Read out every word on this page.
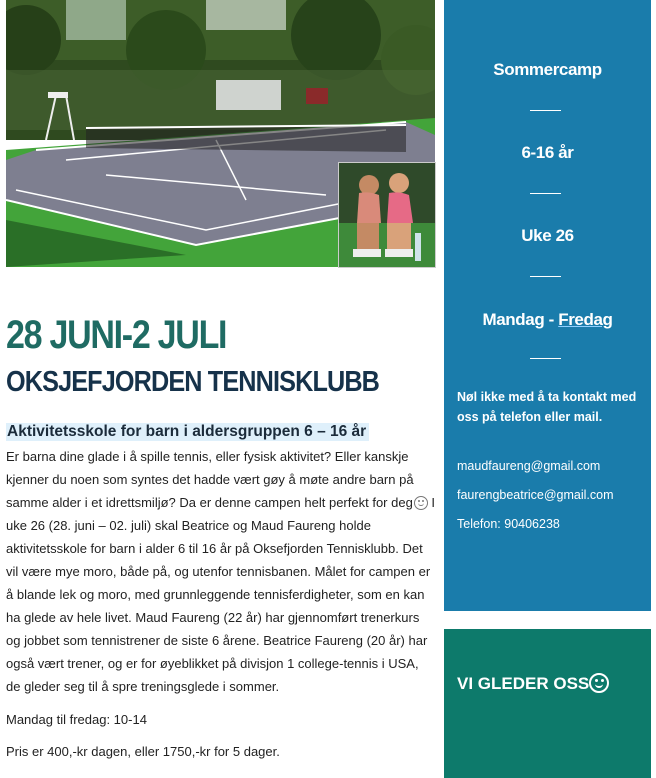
28 JUNI-2 JULI
OKSJEFJORDEN TENNISKLUBB
Aktivitetsskole for barn i aldersgruppen 6 – 16 år

Er barna dine glade i å spille tennis, eller fysisk aktivitet? Eller kanskje kjenner du noen som syntes det hadde vært gøy å møte andre barn på samme alder i et idrettsmiljø? Da er denne campen helt perfekt for deg I uke 26 (28. juni – 02. juli) skal Beatrice og Maud Faureng holde aktivitetsskole for barn i alder 6 til 16 år på Oksefjorden Tennisklubb. Det vil være mye moro, både på, og utenfor tennisbanen. Målet for campen er å blande lek og moro, med grunnleggende tennisferdigheter, som en kan ha glede av hele livet. Maud Faureng (22 år) har gjennomført trenerkurs og jobbet som tennistrener de siste 6 årene. Beatrice Faureng (20 år) har også vært trener, og er for øyeblikket på divisjon 1 college-tennis i USA, de gleder seg til å spre treningsglede i sommer.

Mandag til fredag: 10-14

Pris er 400,-kr dagen, eller 1750,-kr for 5 dager.

Sommercamp
6-16 år
Uke 26
Mandag - Fredag
Nøl ikke med å ta kontakt med oss på telefon eller mail.
maudfaureng@gmail.com
faurengbeatrice@gmail.com
Telefon: 90406238
VI GLEDER OSS
